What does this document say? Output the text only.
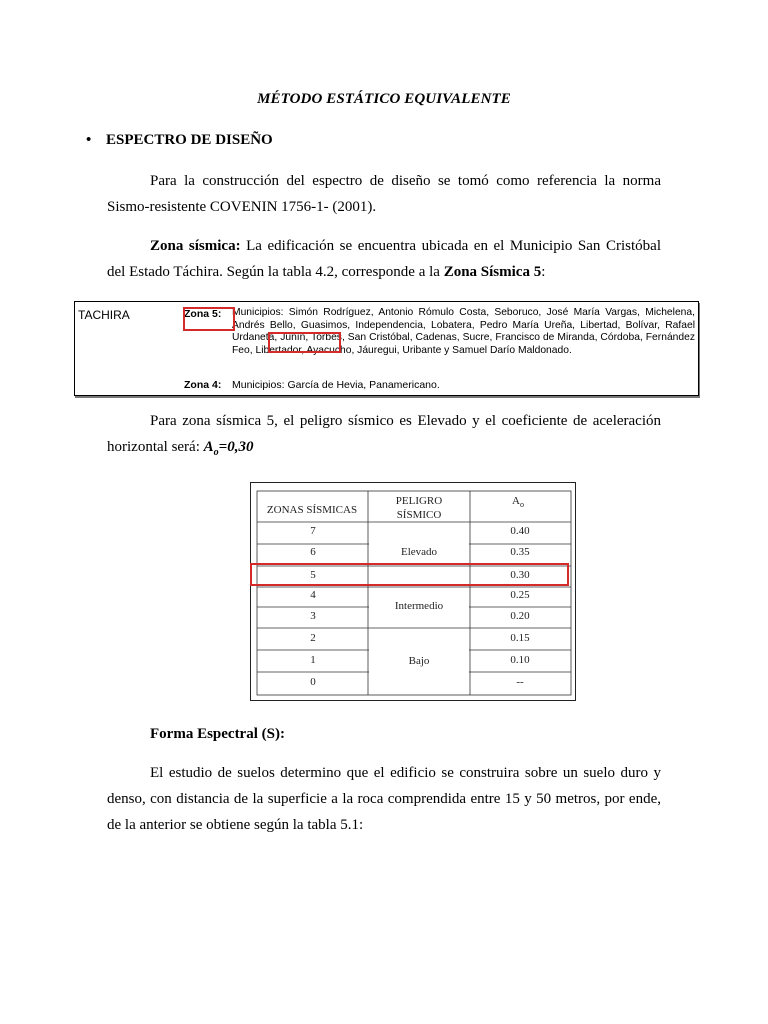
MÉTODO ESTÁTICO EQUIVALENTE
• ESPECTRO DE DISEÑO
Para la construcción del espectro de diseño se tomó como referencia la norma Sismo-resistente COVENIN 1756-1- (2001).
Zona sísmica: La edificación se encuentra ubicada en el Municipio San Cristóbal del Estado Táchira. Según la tabla 4.2, corresponde a la Zona Sísmica 5:
TACHIRA	Zona 5: Municipios: Simón Rodríguez, Antonio Rómulo Costa, Seboruco, José María Vargas, Michelena, Andrés Bello, Guasimos, Independencia, Lobatera, Pedro María Ureña, Libertad, Bolívar, Rafael Urdaneta, Junín, Torbes, San Cristóbal, Cadenas, Sucre, Francisco de Miranda, Córdoba, Fernández Feo, Libertador, Ayacucho, Jáuregui, Uribante y Samuel Darío Maldonado.
Zona 4: Municipios: García de Hevia, Panamericano.
Para zona sísmica 5, el peligro sísmico es Elevado y el coeficiente de aceleración horizontal será: $A_o=0,30$
ZONAS SÍSMICAS
PELIGRO
SÍSMICO
$A_o$
7
6
5
4
3
2
1
0
Elevado
Intermedio
Bajo
0.40
0.35
0.30
0.25
0.20
0.15
0.10
--
Forma Espectral (S):
El estudio de suelos determino que el edificio se construira sobre un suelo duro y denso, con distancia de la superficie a la roca comprendida entre 15 y 50 metros, por ende, de la anterior se obtiene según la tabla 5.1:
